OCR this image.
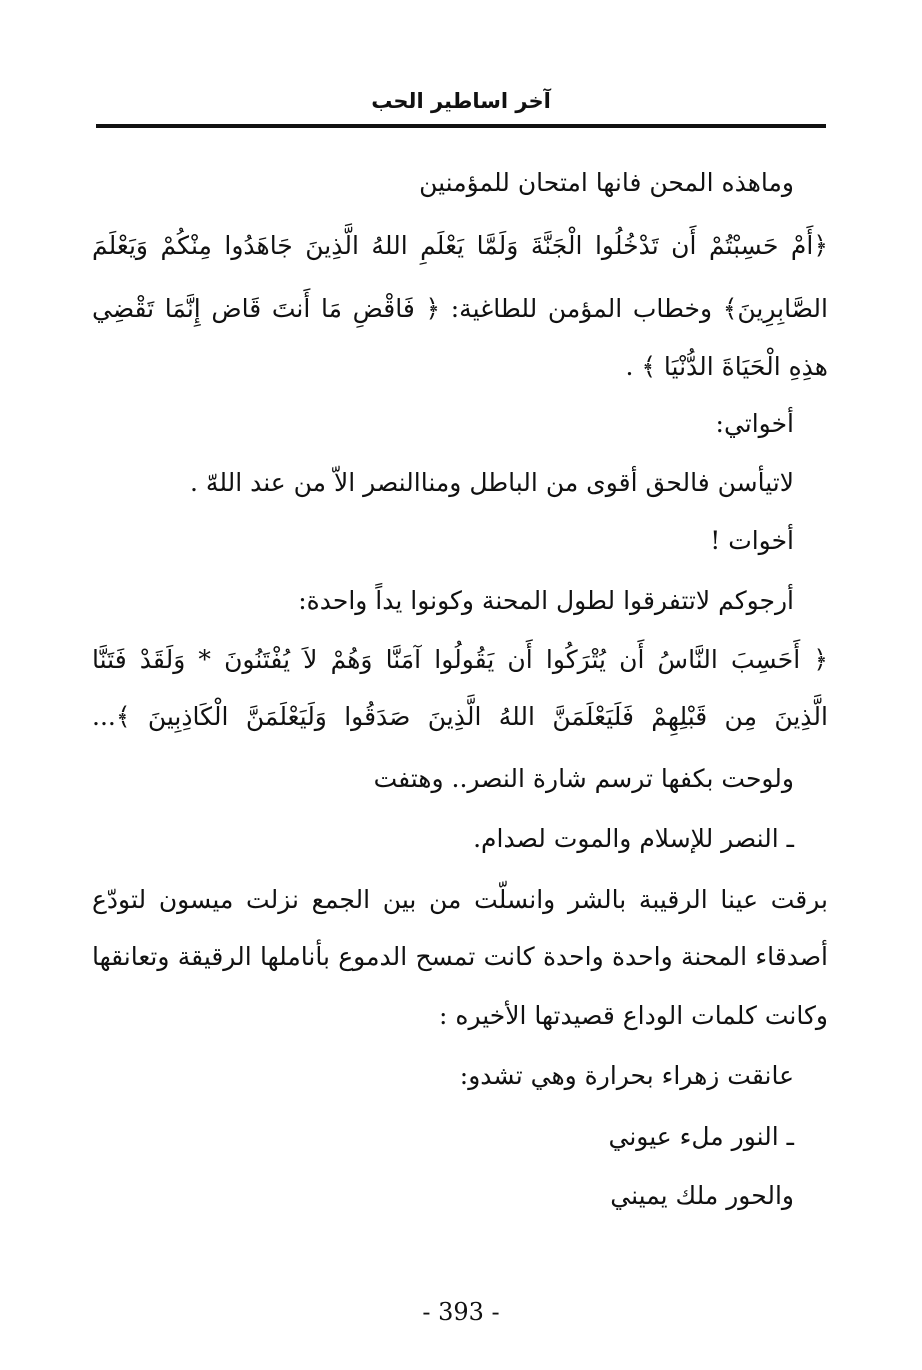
آخر اساطير الحب
وماهذه المحن فانها امتحان للمؤمنين
﴿أَمْ حَسِبْتُمْ أَن تَدْخُلُوا الْجَنَّةَ وَلَمَّا يَعْلَمِ اللهُ الَّذِينَ جَاهَدُوا مِنْكُمْ وَيَعْلَمَ
الصَّابِرِينَ﴾ وخطاب المؤمن للطاغية: ﴿ فَاقْضِ مَا أَنتَ قَاض إِنَّمَا تَقْضِي
هذِهِ الْحَيَاةَ الدُّنْيَا ﴾ .
أخواتي:
لاتيأسن فالحق أقوى من الباطل ومناالنصر الاّ من عند اللهّ .
أخوات !
أرجوكم لاتتفرقوا لطول المحنة وكونوا يداً واحدة:
﴿ أَحَسِبَ النَّاسُ أَن يُتْرَكُوا أَن يَقُولُوا آمَنَّا وَهُمْ لاَ يُفْتَنُونَ * وَلَقَدْ فَتَنَّا
الَّذِينَ مِن قَبْلِهِمْ فَلَيَعْلَمَنَّ اللهُ الَّذِينَ صَدَقُوا وَلَيَعْلَمَنَّ الْكَاذِبِينَ ﴾...
ولوحت بكفها ترسم شارة النصر.. وهتفت
ـ النصر للإسلام والموت لصدام.
برقت عينا الرقيبة بالشر وانسلّت من بين الجمع نزلت ميسون لتودّع
أصدقاء المحنة واحدة واحدة كانت تمسح الدموع بأناملها الرقيقة وتعانقها
وكانت كلمات الوداع قصيدتها الأخيره :
عانقت زهراء بحرارة وهي تشدو:
ـ النور ملء عيوني
والحور ملك يميني
- 393 -
